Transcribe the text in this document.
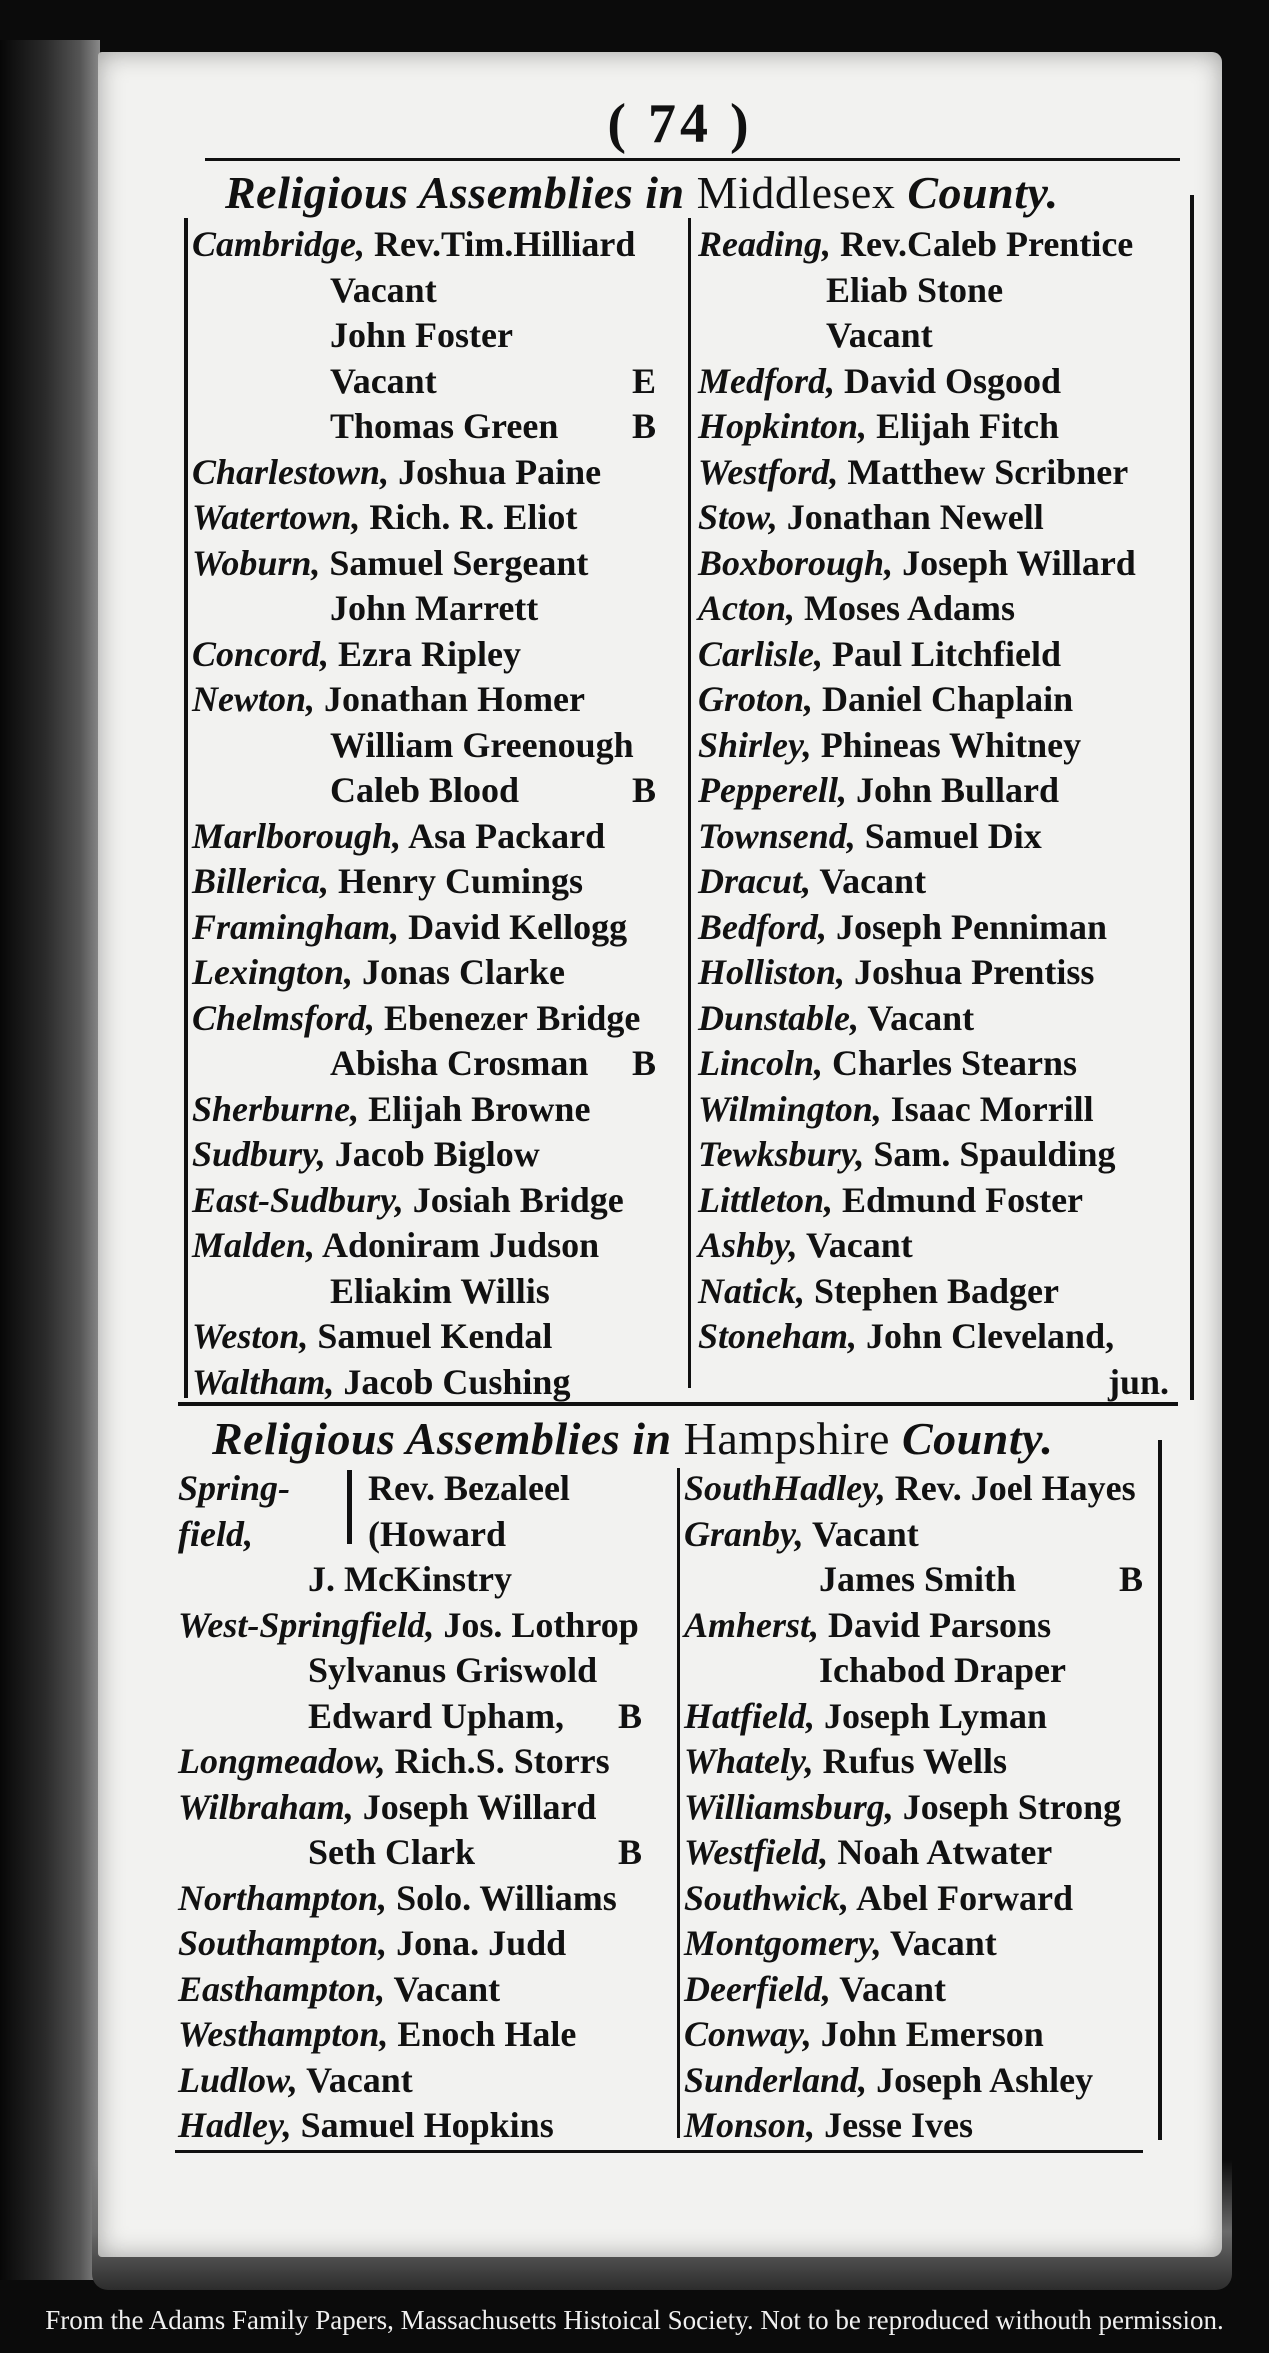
( 74 )
Religious Assemblies in Middlesex County.
Cambridge, Rev.Tim.Hilliard
Vacant
John Foster
Vacant	E
Thomas Green B
Charlestown, Joshua Paine
Watertown, Rich. R. Eliot
Woburn, Samuel Sergeant
John Marrett
Concord, Ezra Ripley
Newton, Jonathan Homer
William Greenough
Caleb Blood	B
Marlborough, Asa Packard
Billerica, Henry Cumings
Framingham, David Kellogg
Lexington, Jonas Clarke
Chelmsford, Ebenezer Bridge
Abisha Crosman B
Sherburne, Elijah Browne
Sudbury, Jacob Biglow
East-Sudbury, Josiah Bridge
Malden, Adoniram Judson
Eliakim Willis
Weston, Samuel Kendal
Waltham, Jacob Cushing
Reading, Rev.Caleb Prentice
Eliab Stone
Vacant
Medford, David Osgood
Hopkinton, Elijah Fitch
Westford, Matthew Scribner
Stow, Jonathan Newell
Boxborough, Joseph Willard
Acton, Moses Adams
Carlisle, Paul Litchfield
Groton, Daniel Chaplain
Shirley, Phineas Whitney
Pepperell, John Bullard
Townsend, Samuel Dix
Dracut, Vacant
Bedford, Joseph Penniman
Holliston, Joshua Prentiss
Dunstable, Vacant
Lincoln, Charles Stearns
Wilmington, Isaac Morrill
Tewksbury, Sam. Spaulding
Littleton, Edmund Foster
Ashby, Vacant
Natick, Stephen Badger
Stoneham, John Cleveland,
jun.
Religious Assemblies in Hampshire County.
Spring- Rev. Bezaleel
field,	(Howard
J. McKinstry
West-Springfield, Jos. Lothrop
Sylvanus Griswold
Edward Upham, B
Longmeadow, Rich.S. Storrs
Wilbraham, Joseph Willard
Seth Clark	B
Northampton, Solo. Williams
Southampton, Jona. Judd
Easthampton, Vacant
Westhampton, Enoch Hale
Ludlow, Vacant
Hadley, Samuel Hopkins
SouthHadley, Rev. Joel Hayes
Granby, Vacant
James Smith	B
Amherst, David Parsons
Ichabod Draper
Hatfield, Joseph Lyman
Whately, Rufus Wells
Williamsburg, Joseph Strong
Westfield, Noah Atwater
Southwick, Abel Forward
Montgomery, Vacant
Deerfield, Vacant
Conway, John Emerson
Sunderland, Joseph Ashley
Monson, Jesse Ives
From the Adams Family Papers, Massachusetts Histoical Society. Not to be reproduced withouth permission.
